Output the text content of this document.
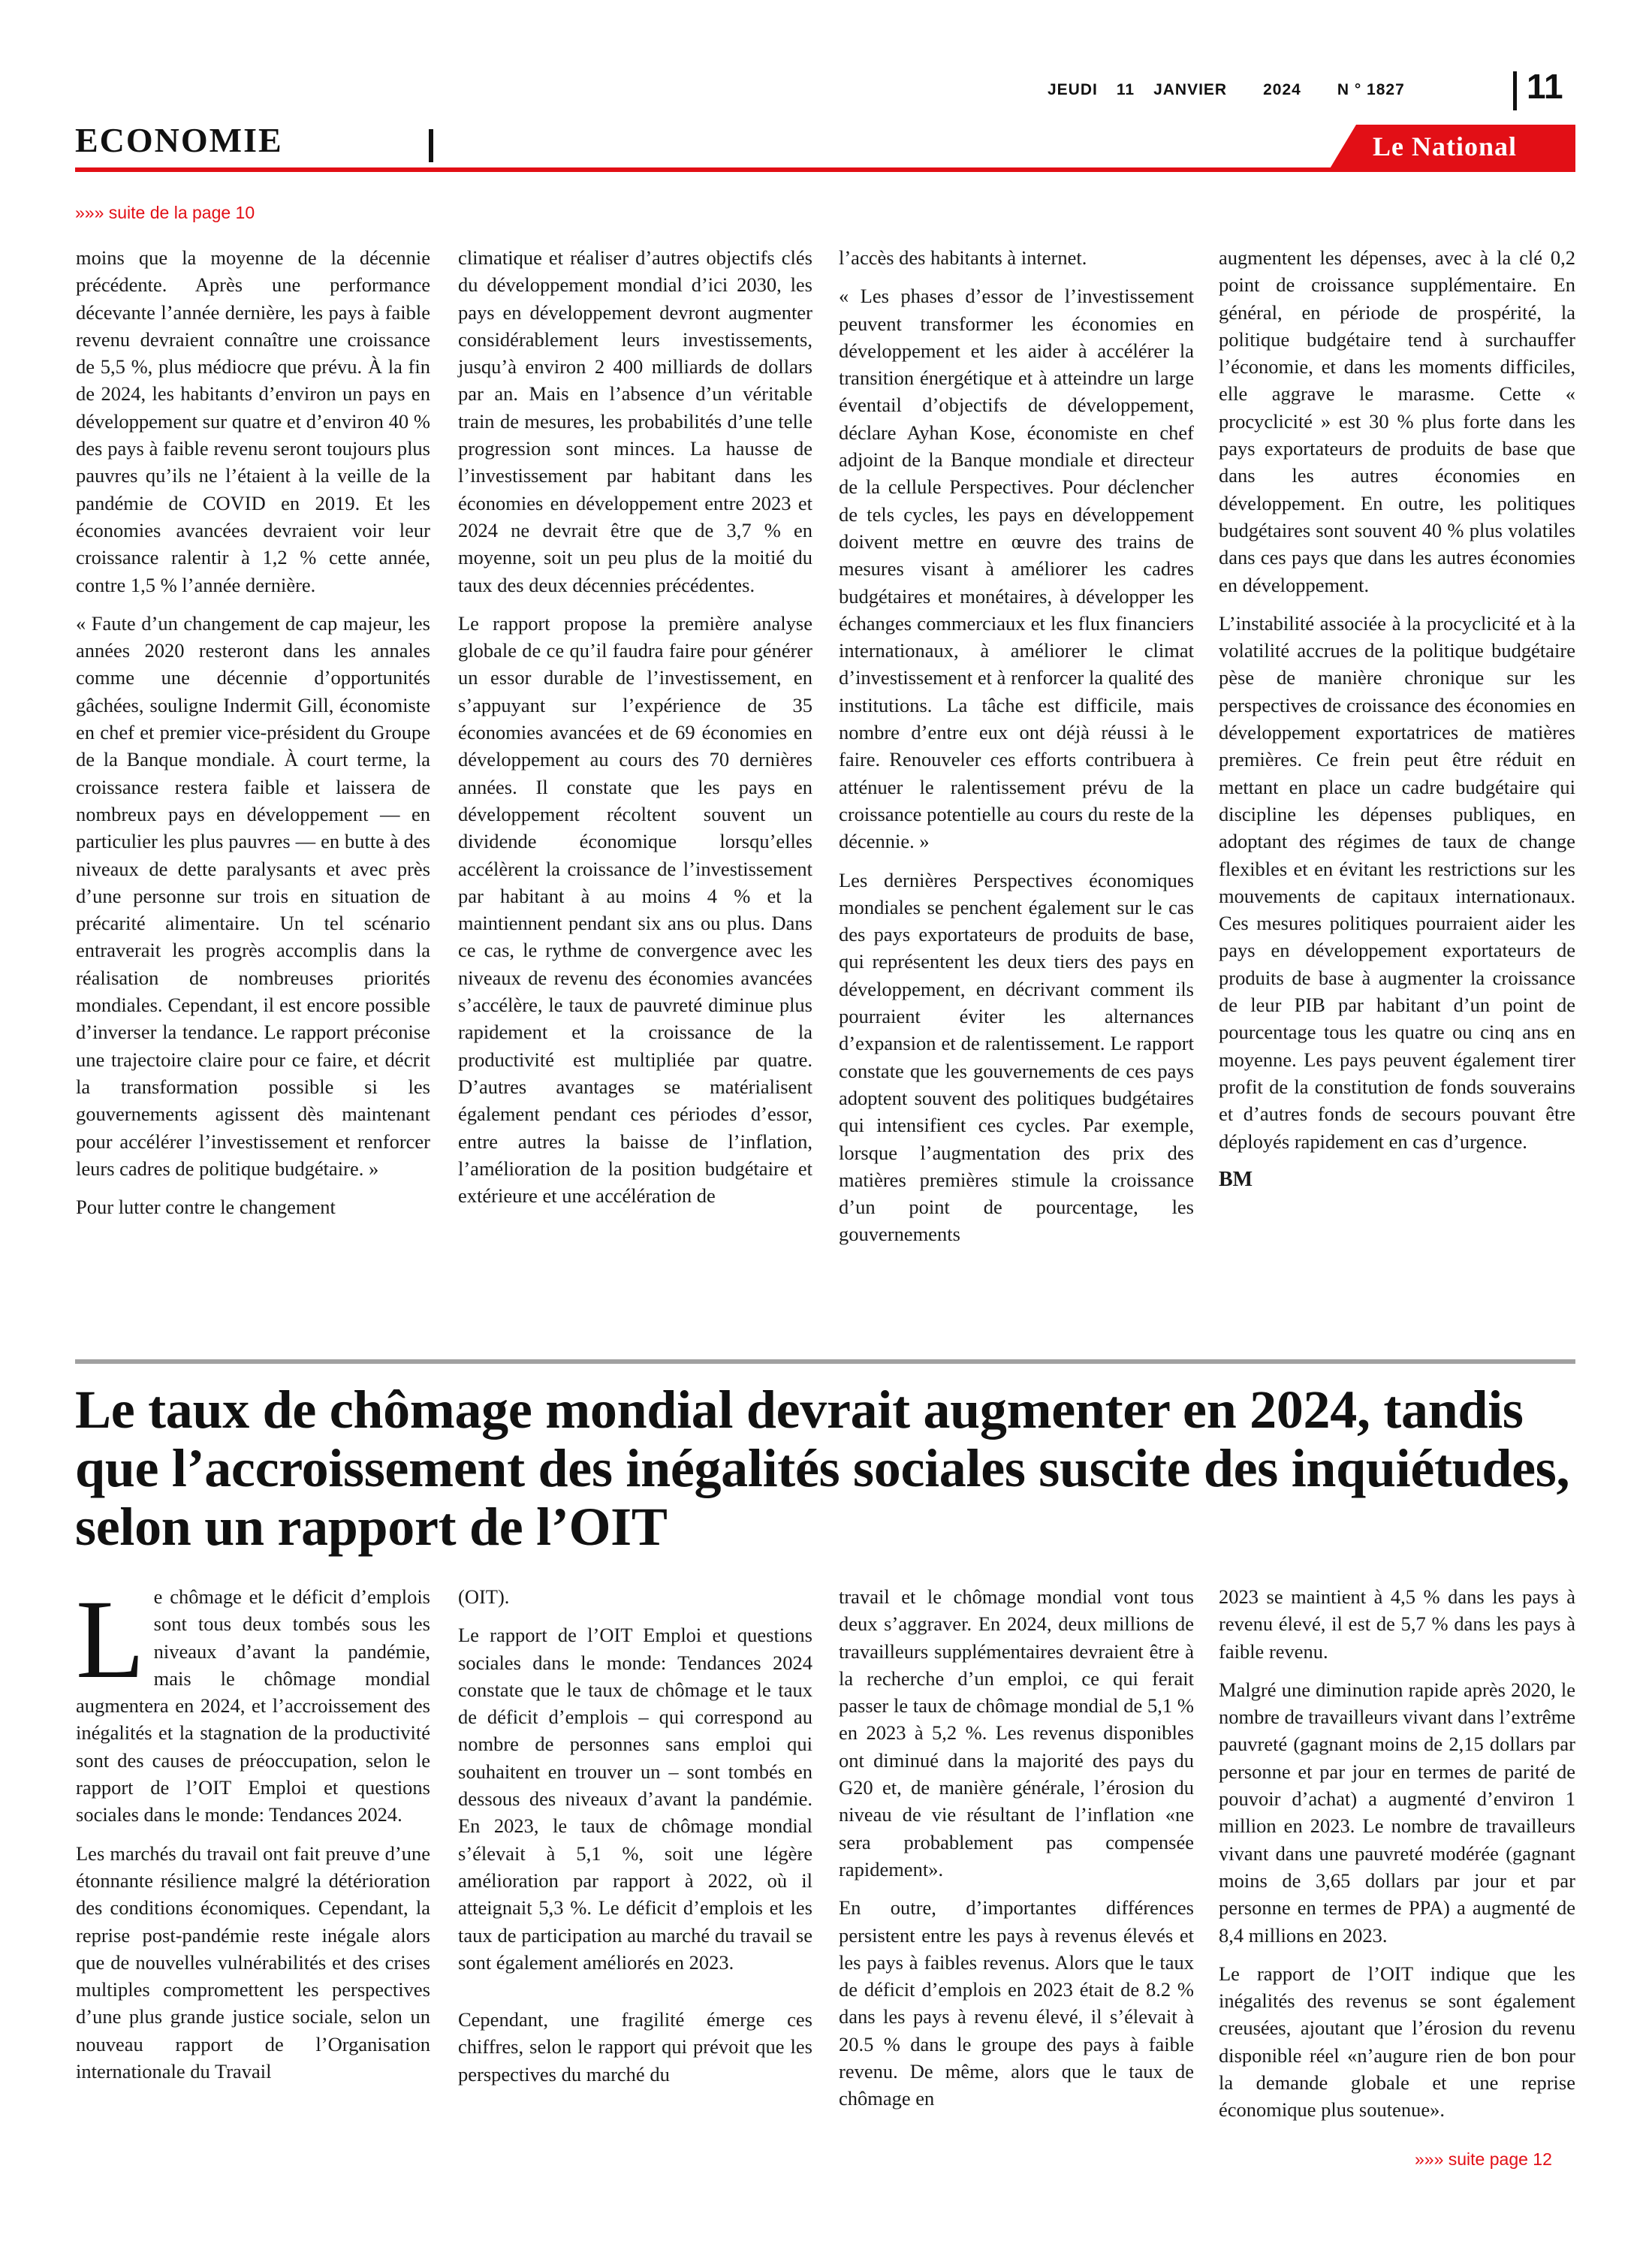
JEUDI 11 JANVIER 2024 N ° 1827	11
ECONOMIE	Le National
»»» suite de la page 10

moins que la moyenne de la décennie précédente. Après une performance décevante l’année dernière, les pays à faible revenu devraient connaître une croissance de 5,5 %, plus médiocre que prévu. À la fin de 2024, les habitants d’environ un pays en développement sur quatre et d’environ 40 % des pays à faible revenu seront toujours plus pauvres qu’ils ne l’étaient à la veille de la pandémie de COVID en 2019. Et les économies avancées devraient voir leur croissance ralentir à 1,2 % cette année, contre 1,5 % l’année dernière.

« Faute d’un changement de cap majeur, les années 2020 resteront dans les annales comme une décennie d’opportunités gâchées, souligne Indermit Gill, économiste en chef et premier vice-président du Groupe de la Banque mondiale. À court terme, la croissance restera faible et laissera de nombreux pays en développement — en particulier les plus pauvres — en butte à des niveaux de dette paralysants et avec près d’une personne sur trois en situation de précarité alimentaire. Un tel scénario entraverait les progrès accomplis dans la réalisation de nombreuses priorités mondiales. Cependant, il est encore possible d’inverser la tendance. Le rapport préconise une trajectoire claire pour ce faire, et décrit la transformation possible si les gouvernements agissent dès maintenant pour accélérer l’investissement et renforcer leurs cadres de politique budgétaire. »

Pour lutter contre le changement

climatique et réaliser d’autres objectifs clés du développement mondial d’ici 2030, les pays en développement devront augmenter considérablement leurs investissements, jusqu’à environ 2 400 milliards de dollars par an. Mais en l’absence d’un véritable train de mesures, les probabilités d’une telle progression sont minces. La hausse de l’investissement par habitant dans les économies en développement entre 2023 et 2024 ne devrait être que de 3,7 % en moyenne, soit un peu plus de la moitié du taux des deux décennies précédentes.

Le rapport propose la première analyse globale de ce qu’il faudra faire pour générer un essor durable de l’investissement, en s’appuyant sur l’expérience de 35 économies avancées et de 69 économies en développement au cours des 70 dernières années. Il constate que les pays en développement récoltent souvent un dividende économique lorsqu’elles accélèrent la croissance de l’investissement par habitant à au moins 4 % et la maintiennent pendant six ans ou plus. Dans ce cas, le rythme de convergence avec les niveaux de revenu des économies avancées s’accélère, le taux de pauvreté diminue plus rapidement et la croissance de la productivité est multipliée par quatre. D’autres avantages se matérialisent également pendant ces périodes d’essor, entre autres la baisse de l’inflation, l’amélioration de la position budgétaire et extérieure et une accélération de

l’accès des habitants à internet.

« Les phases d’essor de l’investissement peuvent transformer les économies en développement et les aider à accélérer la transition énergétique et à atteindre un large éventail d’objectifs de développement, déclare Ayhan Kose, économiste en chef adjoint de la Banque mondiale et directeur de la cellule Perspectives. Pour déclencher de tels cycles, les pays en développement doivent mettre en œuvre des trains de mesures visant à améliorer les cadres budgétaires et monétaires, à développer les échanges commerciaux et les flux financiers internationaux, à améliorer le climat d’investissement et à renforcer la qualité des institutions. La tâche est difficile, mais nombre d’entre eux ont déjà réussi à le faire. Renouveler ces efforts contribuera à atténuer le ralentissement prévu de la croissance potentielle au cours du reste de la décennie. »

Les dernières Perspectives économiques mondiales se penchent également sur le cas des pays exportateurs de produits de base, qui représentent les deux tiers des pays en développement, en décrivant comment ils pourraient éviter les alternances d’expansion et de ralentissement. Le rapport constate que les gouvernements de ces pays adoptent souvent des politiques budgétaires qui intensifient ces cycles. Par exemple, lorsque l’augmentation des prix des matières premières stimule la croissance d’un point de pourcentage, les gouvernements

augmentent les dépenses, avec à la clé 0,2 point de croissance supplémentaire. En général, en période de prospérité, la politique budgétaire tend à surchauffer l’économie, et dans les moments difficiles, elle aggrave le marasme. Cette « procyclicité » est 30 % plus forte dans les pays exportateurs de produits de base que dans les autres économies en développement. En outre, les politiques budgétaires sont souvent 40 % plus volatiles dans ces pays que dans les autres économies en développement.

L’instabilité associée à la procyclicité et à la volatilité accrues de la politique budgétaire pèse de manière chronique sur les perspectives de croissance des économies en développement exportatrices de matières premières. Ce frein peut être réduit en mettant en place un cadre budgétaire qui discipline les dépenses publiques, en adoptant des régimes de taux de change flexibles et en évitant les restrictions sur les mouvements de capitaux internationaux. Ces mesures politiques pourraient aider les pays en développement exportateurs de produits de base à augmenter la croissance de leur PIB par habitant d’un point de pourcentage tous les quatre ou cinq ans en moyenne. Les pays peuvent également tirer profit de la constitution de fonds souverains et d’autres fonds de secours pouvant être déployés rapidement en cas d’urgence.

BM
Le taux de chômage mondial devrait augmenter en 2024, tandis que l’accroissement des inégalités sociales suscite des inquiétudes, selon un rapport de l’OIT

Le chômage et le déficit d’emplois sont tous deux tombés sous les niveaux d’avant la pandémie, mais le chômage mondial augmentera en 2024, et l’accroissement des inégalités et la stagnation de la productivité sont des causes de préoccupation, selon le rapport de l’OIT Emploi et questions sociales dans le monde: Tendances 2024.

Les marchés du travail ont fait preuve d’une étonnante résilience malgré la détérioration des conditions économiques. Cependant, la reprise post-pandémie reste inégale alors que de nouvelles vulnérabilités et des crises multiples compromettent les perspectives d’une plus grande justice sociale, selon un nouveau rapport de l’Organisation internationale du Travail

(OIT).

Le rapport de l’OIT Emploi et questions sociales dans le monde: Tendances 2024 constate que le taux de chômage et le taux de déficit d’emplois – qui correspond au nombre de personnes sans emploi qui souhaitent en trouver un – sont tombés en dessous des niveaux d’avant la pandémie. En 2023, le taux de chômage mondial s’élevait à 5,1 %, soit une légère amélioration par rapport à 2022, où il atteignait 5,3 %. Le déficit d’emplois et les taux de participation au marché du travail se sont également améliorés en 2023.

Cependant, une fragilité émerge ces chiffres, selon le rapport qui prévoit que les perspectives du marché du

travail et le chômage mondial vont tous deux s’aggraver. En 2024, deux millions de travailleurs supplémentaires devraient être à la recherche d’un emploi, ce qui ferait passer le taux de chômage mondial de 5,1 % en 2023 à 5,2 %. Les revenus disponibles ont diminué dans la majorité des pays du G20 et, de manière générale, l’érosion du niveau de vie résultant de l’inflation «ne sera probablement pas compensée rapidement».

En outre, d’importantes différences persistent entre les pays à revenus élevés et les pays à faibles revenus. Alors que le taux de déficit d’emplois en 2023 était de 8.2 % dans les pays à revenu élevé, il s’élevait à 20.5 % dans le groupe des pays à faible revenu. De même, alors que le taux de chômage en

2023 se maintient à 4,5 % dans les pays à revenu élevé, il est de 5,7 % dans les pays à faible revenu.

Malgré une diminution rapide après 2020, le nombre de travailleurs vivant dans l’extrême pauvreté (gagnant moins de 2,15 dollars par personne et par jour en termes de parité de pouvoir d’achat) a augmenté d’environ 1 million en 2023. Le nombre de travailleurs vivant dans une pauvreté modérée (gagnant moins de 3,65 dollars par jour et par personne en termes de PPA) a augmenté de 8,4 millions en 2023.

Le rapport de l’OIT indique que les inégalités des revenus se sont également creusées, ajoutant que l’érosion du revenu disponible réel «n’augure rien de bon pour la demande globale et une reprise économique plus soutenue».

»»» suite page 12
